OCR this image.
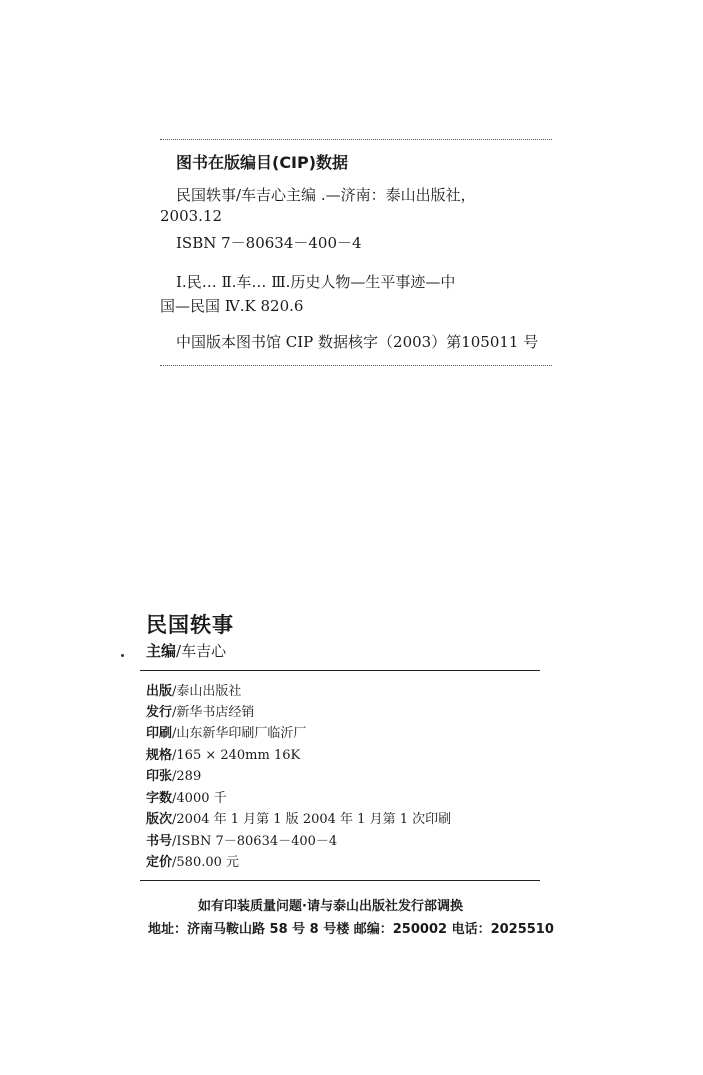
图书在版编目(CIP)数据
民国轶事/车吉心主编 .—济南：泰山出版社，
2003.12
ISBN 7－80634－400－4
Ⅰ.民… Ⅱ.车… Ⅲ.历史人物—生平事迹—中
国—民国 Ⅳ.K 820.6
中国版本图书馆 CIP 数据核字（2003）第105011 号
民国轶事
主编/车吉心
出版/泰山出版社
发行/新华书店经销
印刷/山东新华印刷厂临沂厂
规格/165 × 240mm 16K
印张/289
字数/4000 千
版次/2004 年 1 月第 1 版 2004 年 1 月第 1 次印刷
书号/ISBN 7－80634－400－4
定价/580.00 元
如有印装质量问题·请与泰山出版社发行部调换
地址：济南马鞍山路 58 号 8 号楼 邮编：250002 电话：2025510
